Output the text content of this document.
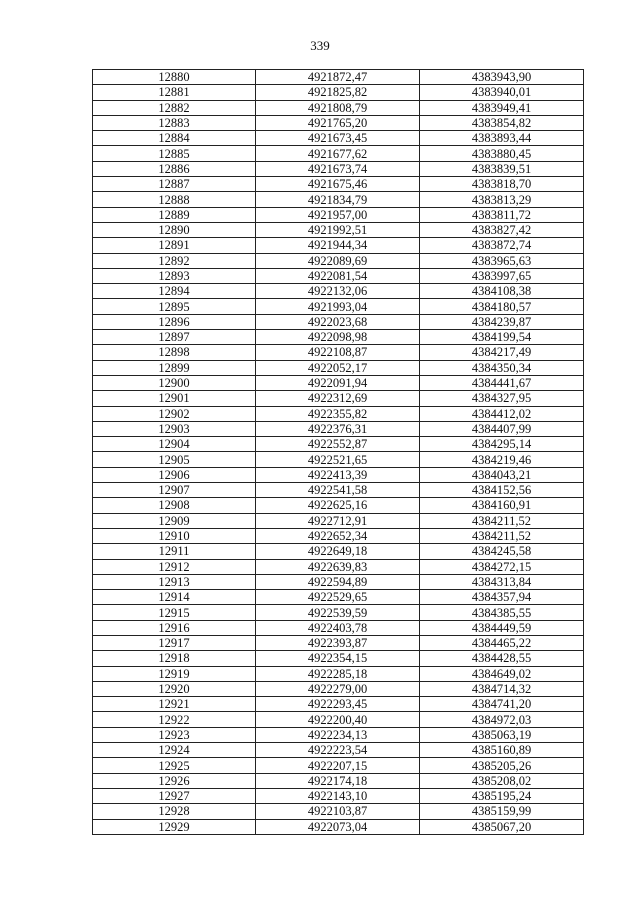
339
12880	4921872,47	4383943,90
12881	4921825,82	4383940,01
12882	4921808,79	4383949,41
12883	4921765,20	4383854,82
12884	4921673,45	4383893,44
12885	4921677,62	4383880,45
12886	4921673,74	4383839,51
12887	4921675,46	4383818,70
12888	4921834,79	4383813,29
12889	4921957,00	4383811,72
12890	4921992,51	4383827,42
12891	4921944,34	4383872,74
12892	4922089,69	4383965,63
12893	4922081,54	4383997,65
12894	4922132,06	4384108,38
12895	4921993,04	4384180,57
12896	4922023,68	4384239,87
12897	4922098,98	4384199,54
12898	4922108,87	4384217,49
12899	4922052,17	4384350,34
12900	4922091,94	4384441,67
12901	4922312,69	4384327,95
12902	4922355,82	4384412,02
12903	4922376,31	4384407,99
12904	4922552,87	4384295,14
12905	4922521,65	4384219,46
12906	4922413,39	4384043,21
12907	4922541,58	4384152,56
12908	4922625,16	4384160,91
12909	4922712,91	4384211,52
12910	4922652,34	4384211,52
12911	4922649,18	4384245,58
12912	4922639,83	4384272,15
12913	4922594,89	4384313,84
12914	4922529,65	4384357,94
12915	4922539,59	4384385,55
12916	4922403,78	4384449,59
12917	4922393,87	4384465,22
12918	4922354,15	4384428,55
12919	4922285,18	4384649,02
12920	4922279,00	4384714,32
12921	4922293,45	4384741,20
12922	4922200,40	4384972,03
12923	4922234,13	4385063,19
12924	4922223,54	4385160,89
12925	4922207,15	4385205,26
12926	4922174,18	4385208,02
12927	4922143,10	4385195,24
12928	4922103,87	4385159,99
12929	4922073,04	4385067,20
